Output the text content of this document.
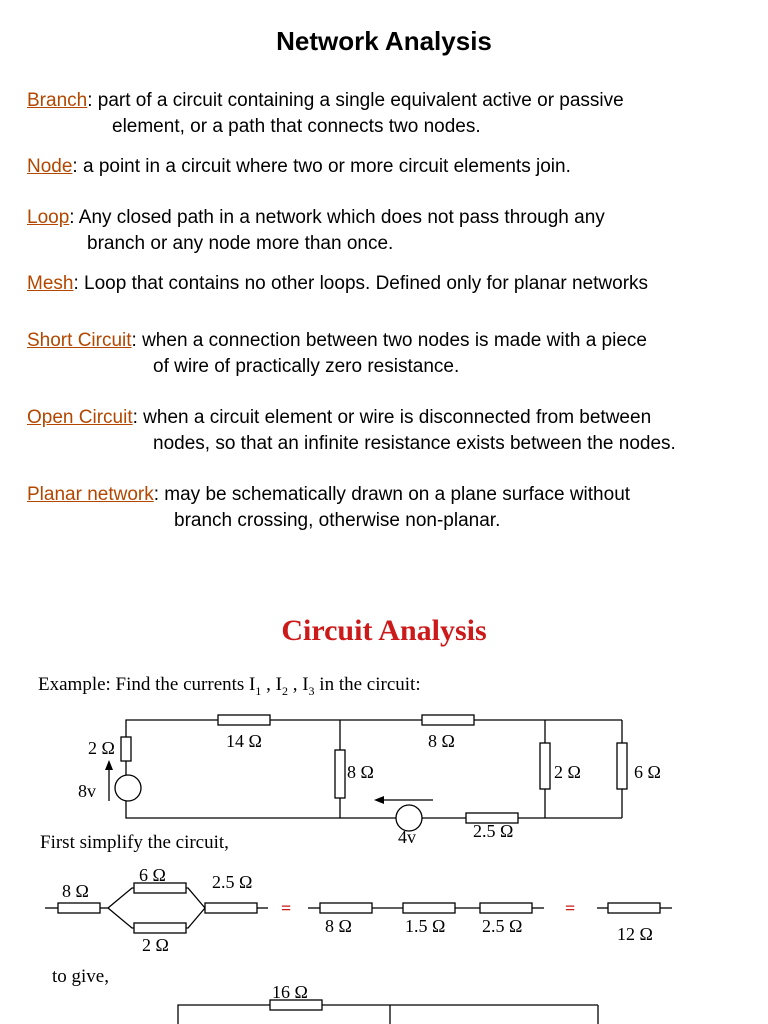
Network Analysis
Branch: part of a circuit containing a single equivalent active or passive
element, or a path that connects two nodes.
Node: a point in a circuit where two or more circuit elements join.
Loop: Any closed path in a network which does not pass through any
branch or any node more than once.
Mesh: Loop that contains no other loops. Defined only for planar networks
Short Circuit: when a connection between two nodes is made with a piece
of wire of practically zero resistance.
Open Circuit: when a circuit element or wire is disconnected from between
nodes, so that an infinite resistance exists between the nodes.
Planar network: may be schematically drawn on a plane surface without
branch crossing, otherwise non-planar.
Circuit Analysis
Example: Find the currents $I_1$ , $I_2$ , $I_3$ in the circuit:
First simplify the circuit,
to give,
2 Ω	14 Ω	8 Ω
8 Ω	2 Ω	6 Ω
8v
4v	2.5 Ω
8 Ω
6 Ω	2.5 Ω
2 Ω
=
8 Ω	1.5 Ω 2.5 Ω
=
12 Ω
16 Ω
